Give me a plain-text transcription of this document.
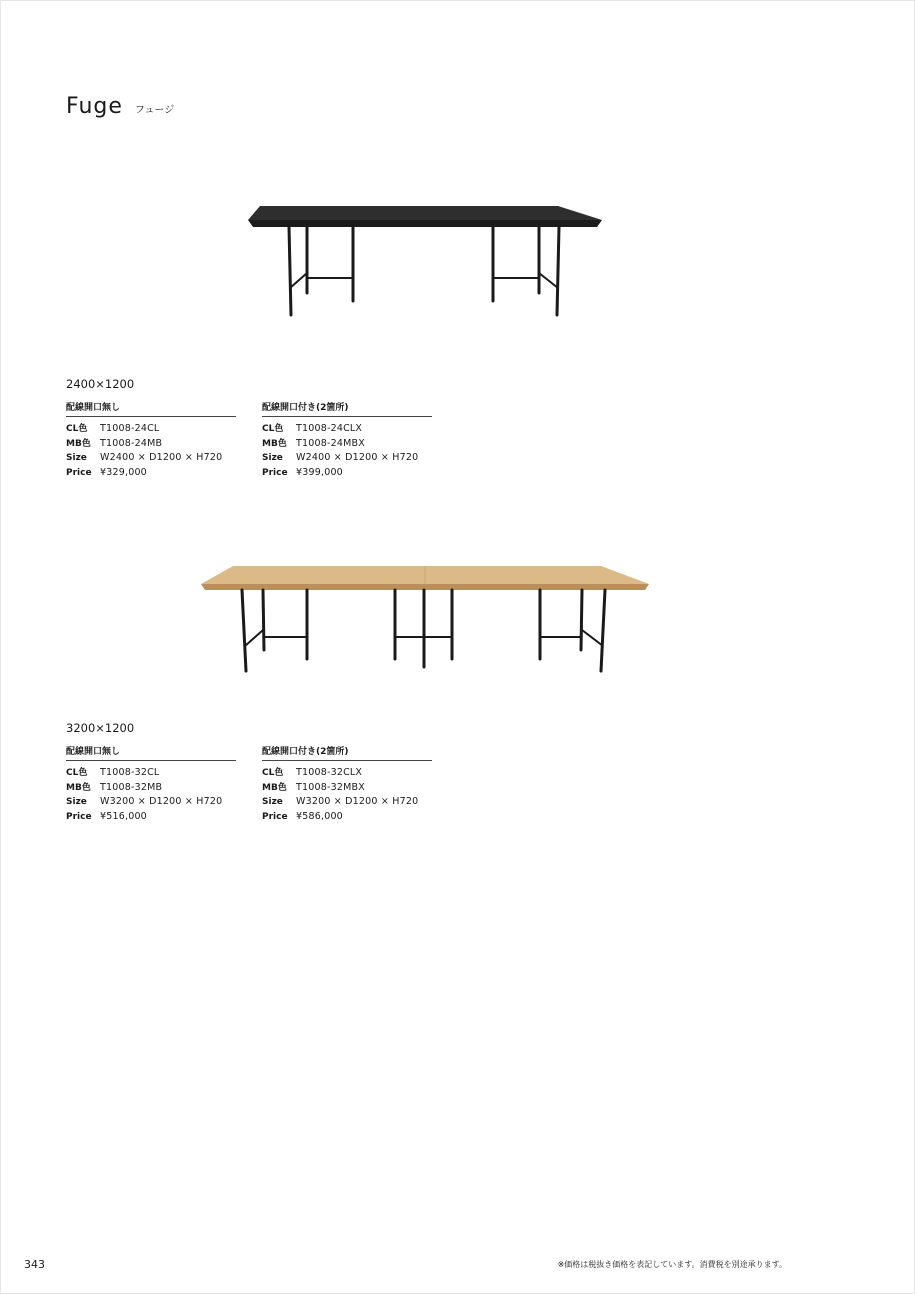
Fuge フュージ
2400×1200
配線開口無し
CL色	T1008-24CL
MB色 T1008-24MB
Size	W2400 × D1200 × H720
Price ¥329,000
配線開口付き(2箇所)
CL色	T1008-24CLX
MB色 T1008-24MBX
Size	W2400 × D1200 × H720
Price ¥399,000
3200×1200
配線開口無し
CL色	T1008-32CL
MB色 T1008-32MB
Size	W3200 × D1200 × H720
Price ¥516,000
配線開口付き(2箇所)
CL色	T1008-32CLX
MB色 T1008-32MBX
Size	W3200 × D1200 × H720
Price ¥586,000
343	※価格は税抜き価格を表記しています。消費税を別途承ります。
